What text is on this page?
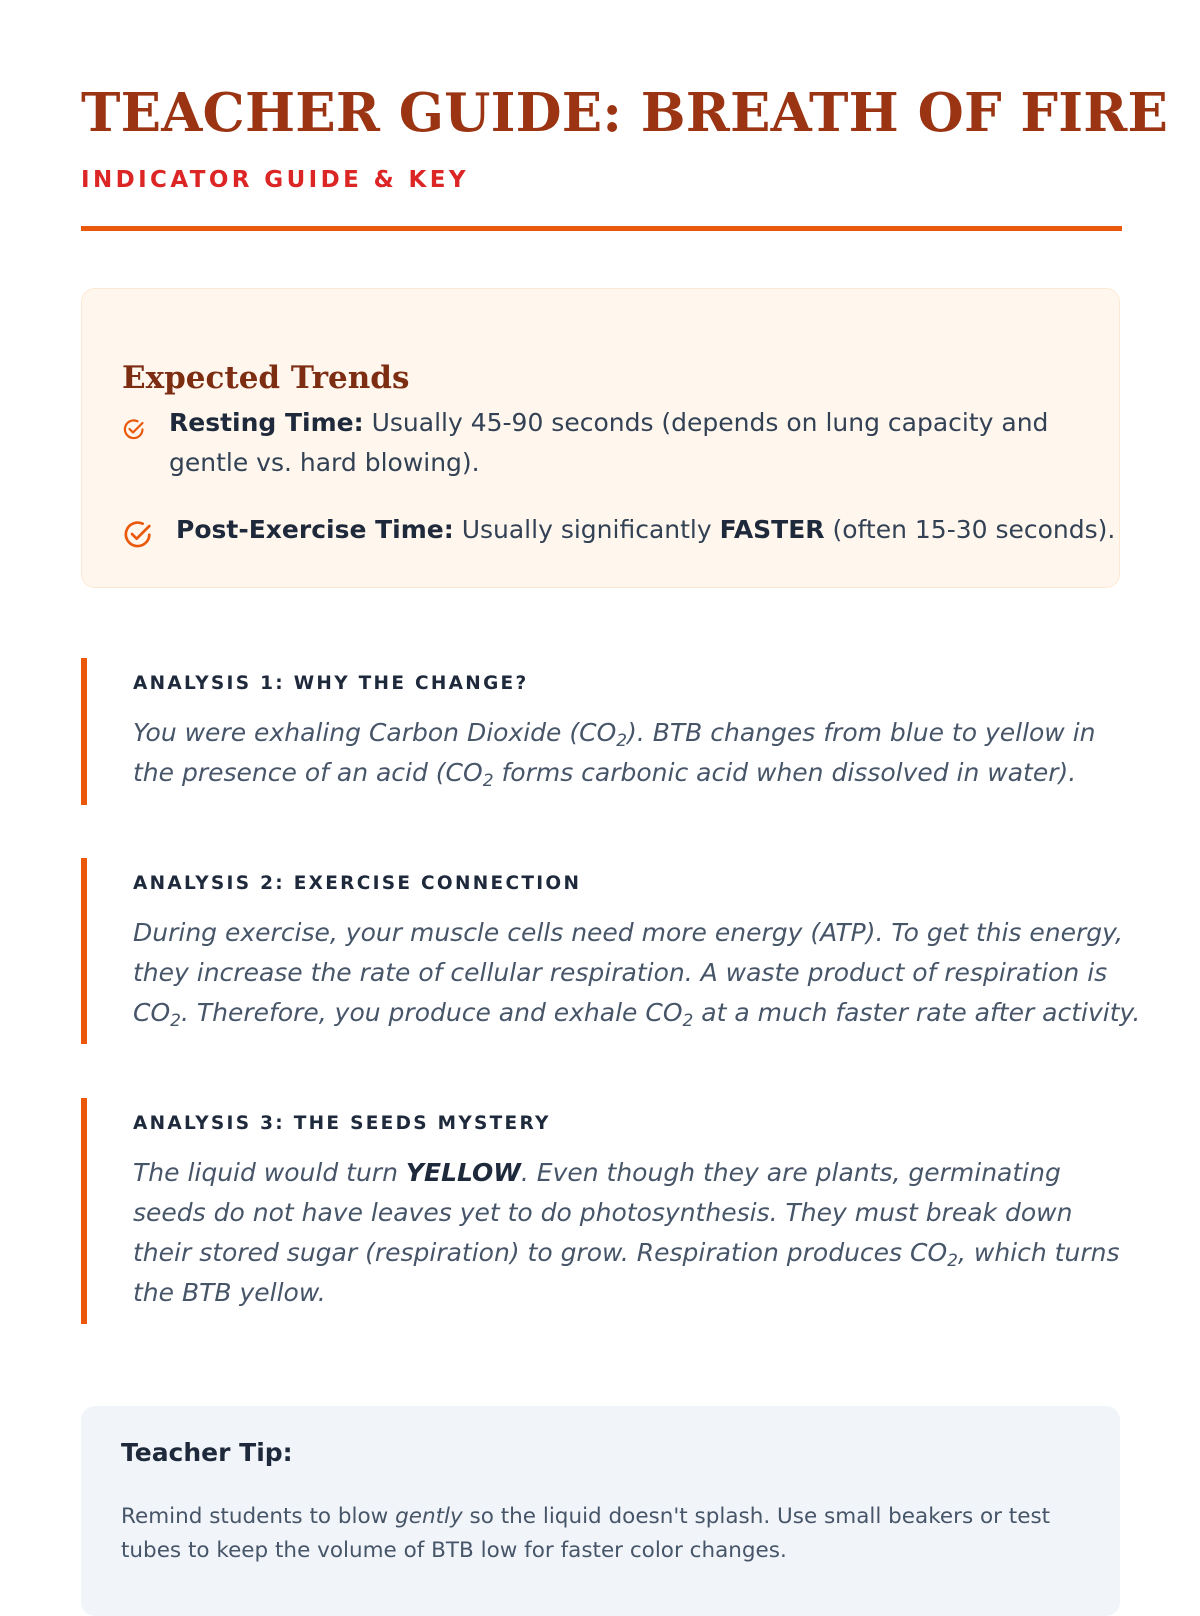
TEACHER GUIDE: BREATH OF FIRE
INDICATOR GUIDE & KEY
Expected Trends
Resting Time: Usually 45-90 seconds (depends on lung capacity and gentle vs. hard blowing).
Post-Exercise Time: Usually significantly FASTER (often 15-30 seconds).
ANALYSIS 1: WHY THE CHANGE?
You were exhaling Carbon Dioxide $(CO_2)$. BTB changes from blue to yellow in the presence of an acid ($CO_2$ forms carbonic acid when dissolved in water).
ANALYSIS 2: EXERCISE CONNECTION
During exercise, your muscle cells need more energy (ATP). To get this energy, they increase the rate of cellular respiration. A waste product of respiration is $CO_2$. Therefore, you produce and exhale $CO_2$ at a much faster rate after activity.
ANALYSIS 3: THE SEEDS MYSTERY
The liquid would turn YELLOW. Even though they are plants, germinating seeds do not have leaves yet to do photosynthesis. They must break down their stored sugar (respiration) to grow. Respiration produces $CO_2$, which turns the BTB yellow.
Teacher Tip:
Remind students to blow gently so the liquid doesn't splash. Use small beakers or test tubes to keep the volume of BTB low for faster color changes.
